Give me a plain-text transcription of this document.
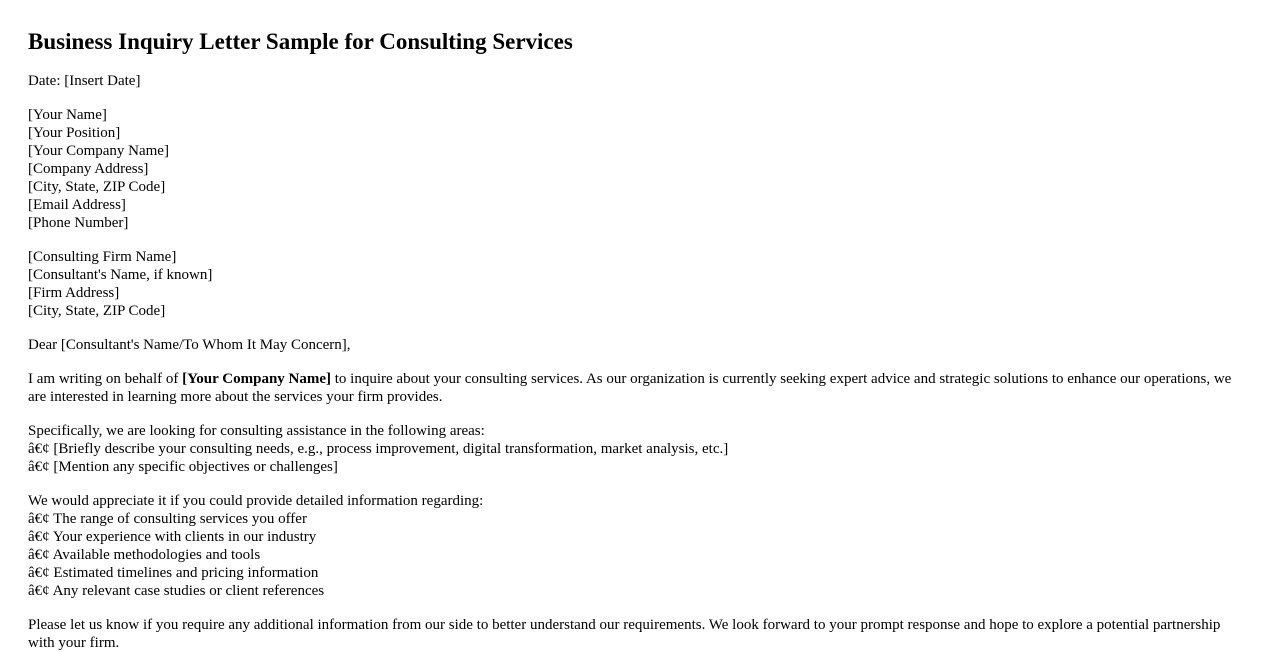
Business Inquiry Letter Sample for Consulting Services

Date: [Insert Date]

[Your Name]
[Your Position]
[Your Company Name]
[Company Address]
[City, State, ZIP Code]
[Email Address]
[Phone Number]

[Consulting Firm Name]
[Consultant's Name, if known]
[Firm Address]
[City, State, ZIP Code]

Dear [Consultant's Name/To Whom It May Concern],

I am writing on behalf of [Your Company Name] to inquire about your consulting services. As our organization is currently seeking expert advice and strategic solutions to enhance our operations, we are interested in learning more about the services your firm provides.

Specifically, we are looking for consulting assistance in the following areas:
â€¢ [Briefly describe your consulting needs, e.g., process improvement, digital transformation, market analysis, etc.]
â€¢ [Mention any specific objectives or challenges]

We would appreciate it if you could provide detailed information regarding:
â€¢ The range of consulting services you offer
â€¢ Your experience with clients in our industry
â€¢ Available methodologies and tools
â€¢ Estimated timelines and pricing information
â€¢ Any relevant case studies or client references

Please let us know if you require any additional information from our side to better understand our requirements. We look forward to your prompt response and hope to explore a potential partnership with your firm.
